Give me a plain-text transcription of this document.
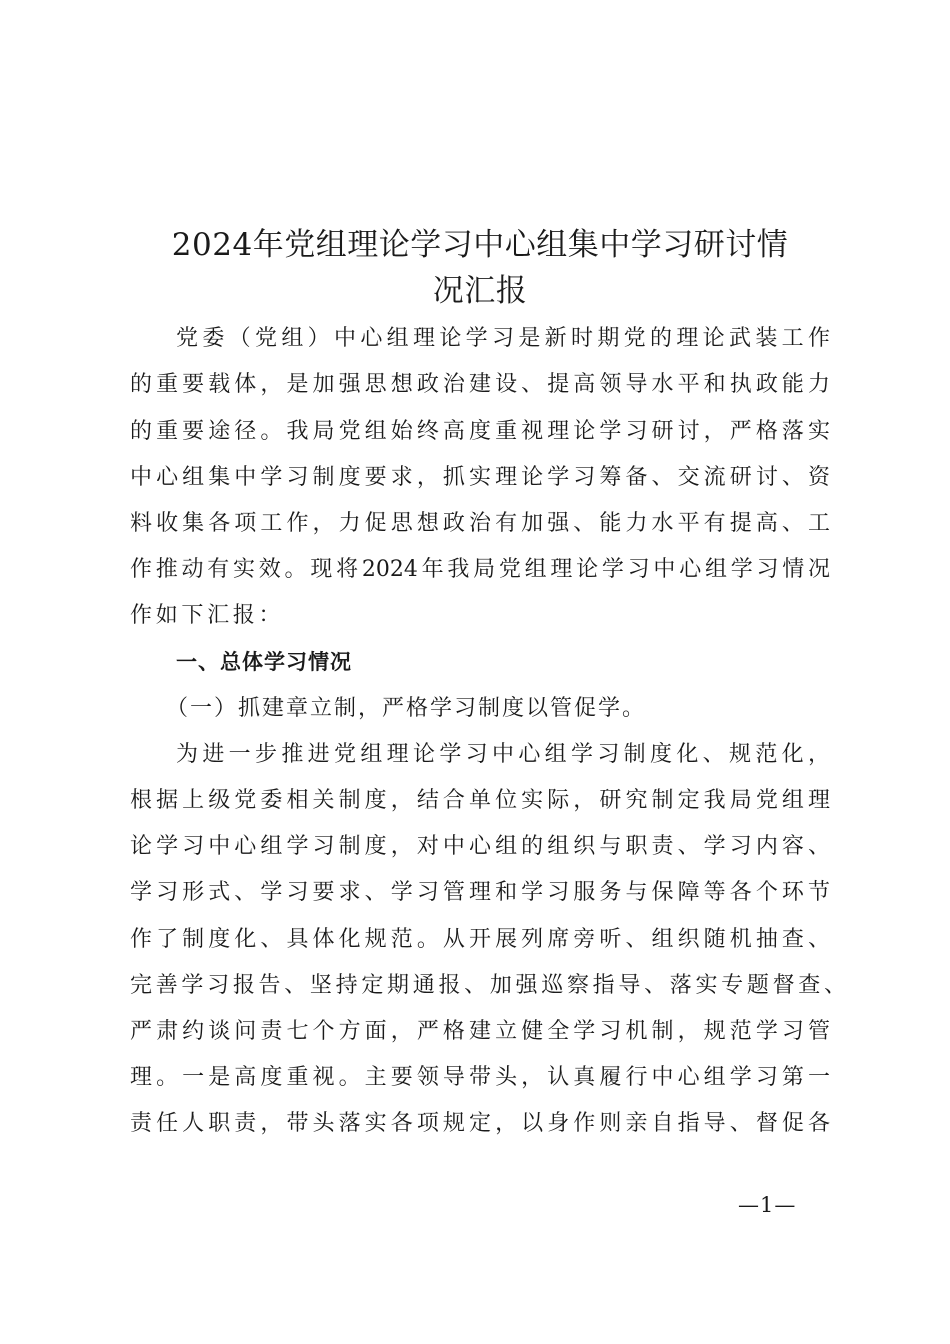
2024年党组理论学习中心组集中学习研讨情
况汇报
党委（党组）中心组理论学习是新时期党的理论武装工作
的重要载体，是加强思想政治建设、提高领导水平和执政能力
的重要途径。我局党组始终高度重视理论学习研讨，严格落实
中心组集中学习制度要求，抓实理论学习筹备、交流研讨、资
料收集各项工作，力促思想政治有加强、能力水平有提高、工
作推动有实效。现将2024年我局党组理论学习中心组学习情况
作如下汇报：
一、总体学习情况
（一）抓建章立制，严格学习制度以管促学。
为进一步推进党组理论学习中心组学习制度化、规范化，
根据上级党委相关制度，结合单位实际，研究制定我局党组理
论学习中心组学习制度，对中心组的组织与职责、学习内容、
学习形式、学习要求、学习管理和学习服务与保障等各个环节
作了制度化、具体化规范。从开展列席旁听、组织随机抽查、
完善学习报告、坚持定期通报、加强巡察指导、落实专题督查、
严肃约谈问责七个方面，严格建立健全学习机制，规范学习管
理。一是高度重视。主要领导带头，认真履行中心组学习第一
责任人职责，带头落实各项规定，以身作则亲自指导、督促各
—1—
